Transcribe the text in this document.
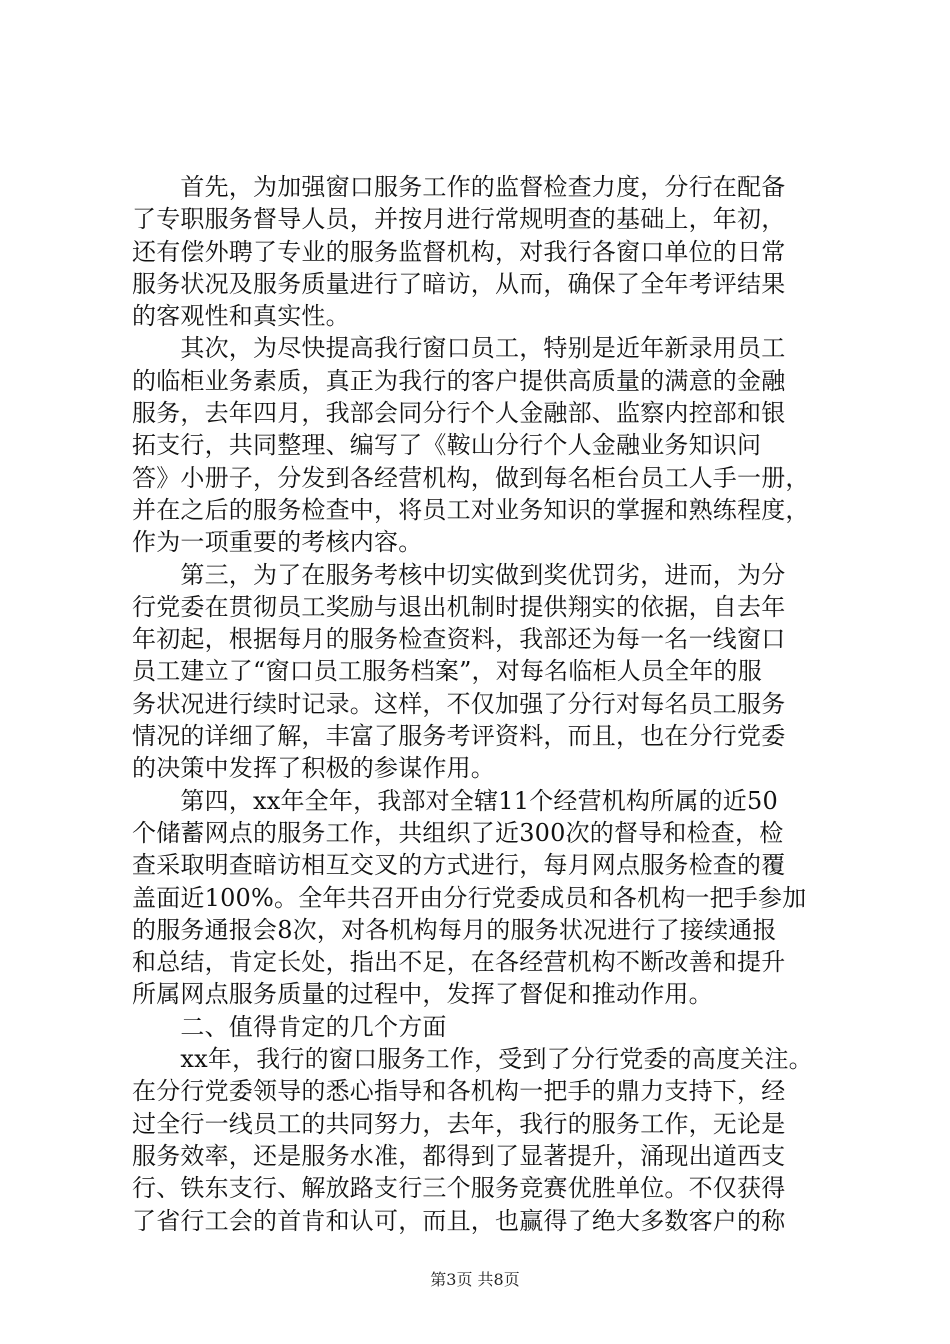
　　首先，为加强窗口服务工作的监督检查力度，分行在配备
了专职服务督导人员，并按月进行常规明查的基础上，年初，
还有偿外聘了专业的服务监督机构，对我行各窗口单位的日常
服务状况及服务质量进行了暗访，从而，确保了全年考评结果
的客观性和真实性。
　　其次，为尽快提高我行窗口员工，特别是近年新录用员工
的临柜业务素质，真正为我行的客户提供高质量的满意的金融
服务，去年四月，我部会同分行个人金融部、监察内控部和银
拓支行，共同整理、编写了《鞍山分行个人金融业务知识问
答》小册子，分发到各经营机构，做到每名柜台员工人手一册，
并在之后的服务检查中，将员工对业务知识的掌握和熟练程度，
作为一项重要的考核内容。
　　第三，为了在服务考核中切实做到奖优罚劣，进而，为分
行党委在贯彻员工奖励与退出机制时提供翔实的依据，自去年
年初起，根据每月的服务检查资料，我部还为每一名一线窗口
员工建立了“窗口员工服务档案”，对每名临柜人员全年的服
务状况进行续时记录。这样，不仅加强了分行对每名员工服务
情况的详细了解，丰富了服务考评资料，而且，也在分行党委
的决策中发挥了积极的参谋作用。
　　第四，xx年全年，我部对全辖11个经营机构所属的近50
个储蓄网点的服务工作，共组织了近300次的督导和检查，检
查采取明查暗访相互交叉的方式进行，每月网点服务检查的覆
盖面近100%。全年共召开由分行党委成员和各机构一把手参加
的服务通报会8次，对各机构每月的服务状况进行了接续通报
和总结，肯定长处，指出不足，在各经营机构不断改善和提升
所属网点服务质量的过程中，发挥了督促和推动作用。
　　二、值得肯定的几个方面
　　xx年，我行的窗口服务工作，受到了分行党委的高度关注。
在分行党委领导的悉心指导和各机构一把手的鼎力支持下，经
过全行一线员工的共同努力，去年，我行的服务工作，无论是
服务效率，还是服务水准，都得到了显著提升，涌现出道西支
行、铁东支行、解放路支行三个服务竞赛优胜单位。不仅获得
了省行工会的首肯和认可，而且，也赢得了绝大多数客户的称
第3页 共8页
